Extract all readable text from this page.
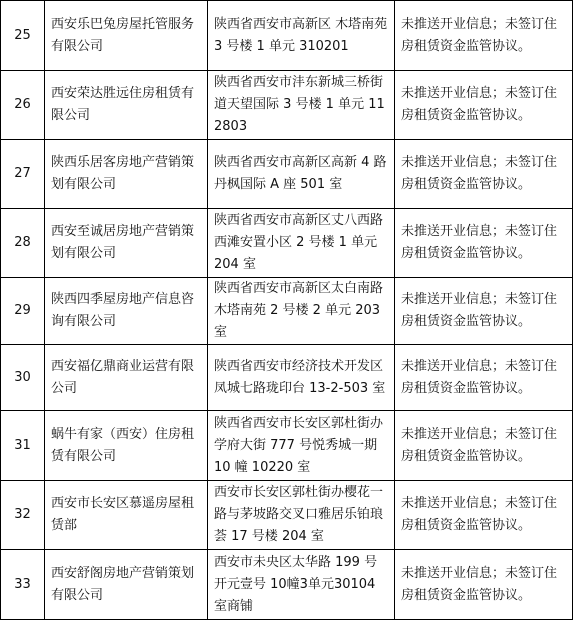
25	西安乐巴兔房屋托管服务有限公司	陕西省西安市高新区 木塔南苑 3 号楼 1 单元 310201	未推送开业信息；未签订住房租赁资金监管协议。
26	西安荣达胜远住房租赁有限公司	陕西省西安市沣东新城三桥街道天望国际 3 号楼 1 单元 112803	未推送开业信息；未签订住房租赁资金监管协议。
27	陕西乐居客房地产营销策划有限公司	陕西省西安市高新区高新 4 路丹枫国际 A 座 501 室	未推送开业信息；未签订住房租赁资金监管协议。
28	西安至诚居房地产营销策划有限公司	陕西省西安市高新区丈八西路西滩安置小区 2 号楼 1 单元 204 室	未推送开业信息；未签订住房租赁资金监管协议。
29	陕西四季屋房地产信息咨询有限公司	陕西省西安市高新区太白南路木塔南苑 2 号楼 2 单元 203 室	未推送开业信息；未签订住房租赁资金监管协议。
30	西安福亿鼎商业运营有限公司	陕西省西安市经济技术开发区凤城七路珑印台 13-2-503 室	未推送开业信息；未签订住房租赁资金监管协议。
31	蜗牛有家（西安）住房租赁有限公司	陕西省西安市长安区郭杜街办学府大街 777 号悦秀城一期 10 幢 10220 室	未推送开业信息；未签订住房租赁资金监管协议。
32	西安市长安区慕遥房屋租赁部	西安市长安区郭杜街办樱花一路与茅坡路交叉口雅居乐铂琅荟 17 号楼 204 室	未推送开业信息；未签订住房租赁资金监管协议。
33	西安舒阁房地产营销策划有限公司	西安市未央区太华路 199 号开元壹号 10幢3单元30104室商铺	未推送开业信息；未签订住房租赁资金监管协议。
